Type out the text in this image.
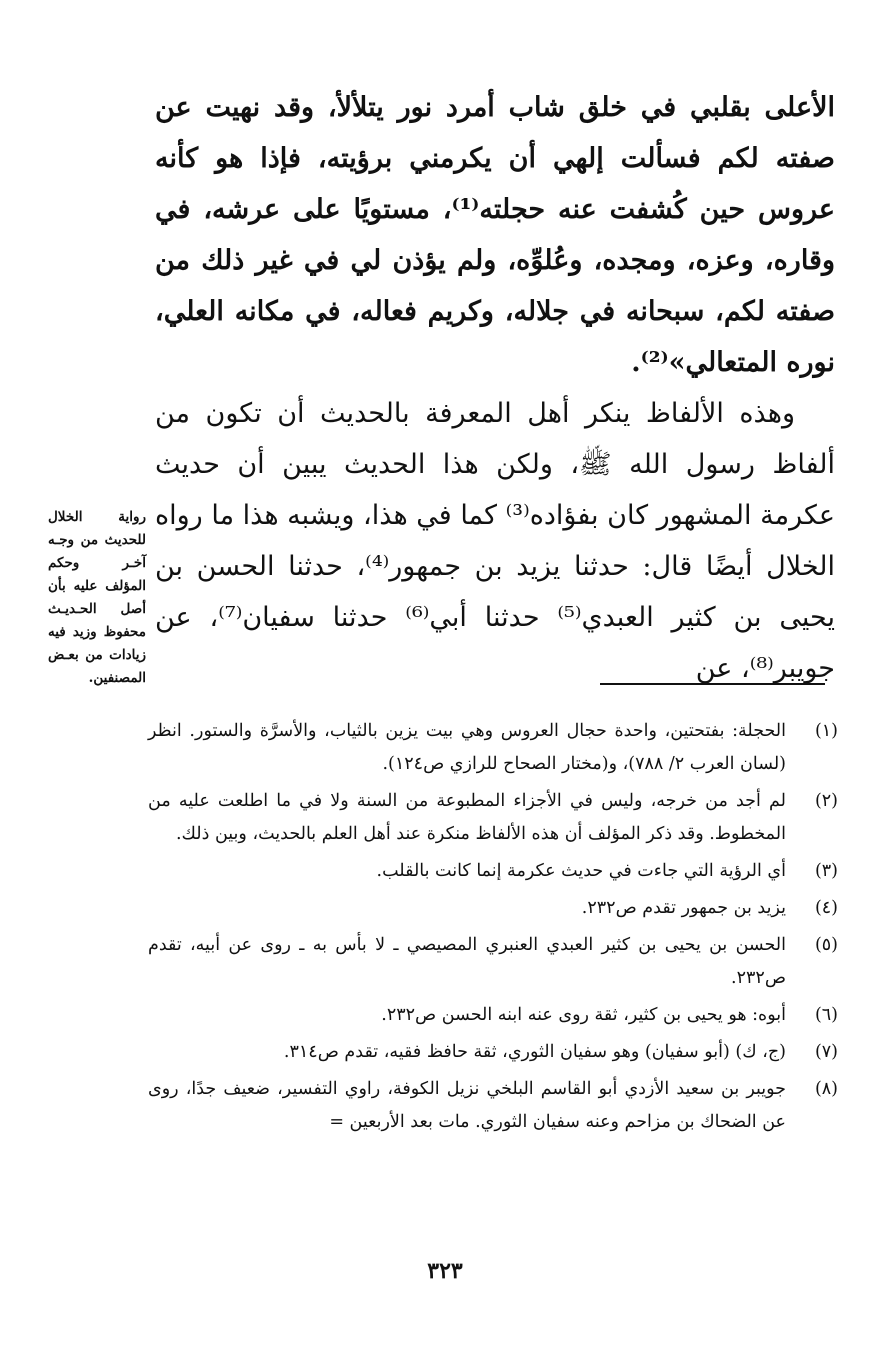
الأعلى بقلبي في خلق شاب أمرد نور يتلألأ، وقد نهيت عن صفته لكم فسألت إلهي أن يكرمني برؤيته، فإذا هو كأنه عروس حين كُشفت عنه حجلته⁽¹⁾، مستويًا على عرشه، في وقاره، وعزه، ومجده، وعُلوِّه، ولم يؤذن لي في غير ذلك من صفته لكم، سبحانه في جلاله، وكريم فعاله، في مكانه العلي، نوره المتعالي»⁽²⁾.

وهذه الألفاظ ينكر أهل المعرفة بالحديث أن تكون من ألفاظ رسول الله ﷺ، ولكن هذا الحديث يبين أن حديث عكرمة المشهور كان بفؤاده⁽³⁾ كما في هذا، ويشبه هذا ما رواه الخلال أيضًا قال: حدثنا يزيد بن جمهور⁽⁴⁾، حدثنا الحسن بن يحيى بن كثير العبدي⁽⁵⁾ حدثنا أبي⁽⁶⁾ حدثنا سفيان⁽⁷⁾، عن جويبر⁽⁸⁾، عن

رواية الخلال للحديث من وجـه آخـر وحكم المؤلف عليه بأن أصل الحـديـث محفوظ وزيد فيه زيادات من بعـض المصنفين.
(١)
الحجلة: بفتحتين، واحدة حجال العروس وهي بيت يزين بالثياب، والأسرَّة والستور. انظر (لسان العرب ٢/ ٧٨٨)، و(مختار الصحاح للرازي ص١٢٤).
(٢)
لم أجد من خرجه، وليس في الأجزاء المطبوعة من السنة ولا في ما اطلعت عليه من المخطوط. وقد ذكر المؤلف أن هذه الألفاظ منكرة عند أهل العلم بالحديث، وبين ذلك.
(٣)
أي الرؤية التي جاءت في حديث عكرمة إنما كانت بالقلب.
(٤)
يزيد بن جمهور تقدم ص٢٣٢.
(٥)
الحسن بن يحيى بن كثير العبدي العنبري المصيصي ـ لا بأس به ـ روى عن أبيه، تقدم ص٢٣٢.
(٦)
أبوه: هو يحيى بن كثير، ثقة روى عنه ابنه الحسن ص٢٣٢.
(٧)
(ج، ك) (أبو سفيان) وهو سفيان الثوري، ثقة حافظ فقيه، تقدم ص٣١٤.
(٨)
جويبر بن سعيد الأزدي أبو القاسم البلخي نزيل الكوفة، راوي التفسير، ضعيف جدًا، روى عن الضحاك بن مزاحم وعنه سفيان الثوري. مات بعد الأربعين =
٣٢٣
